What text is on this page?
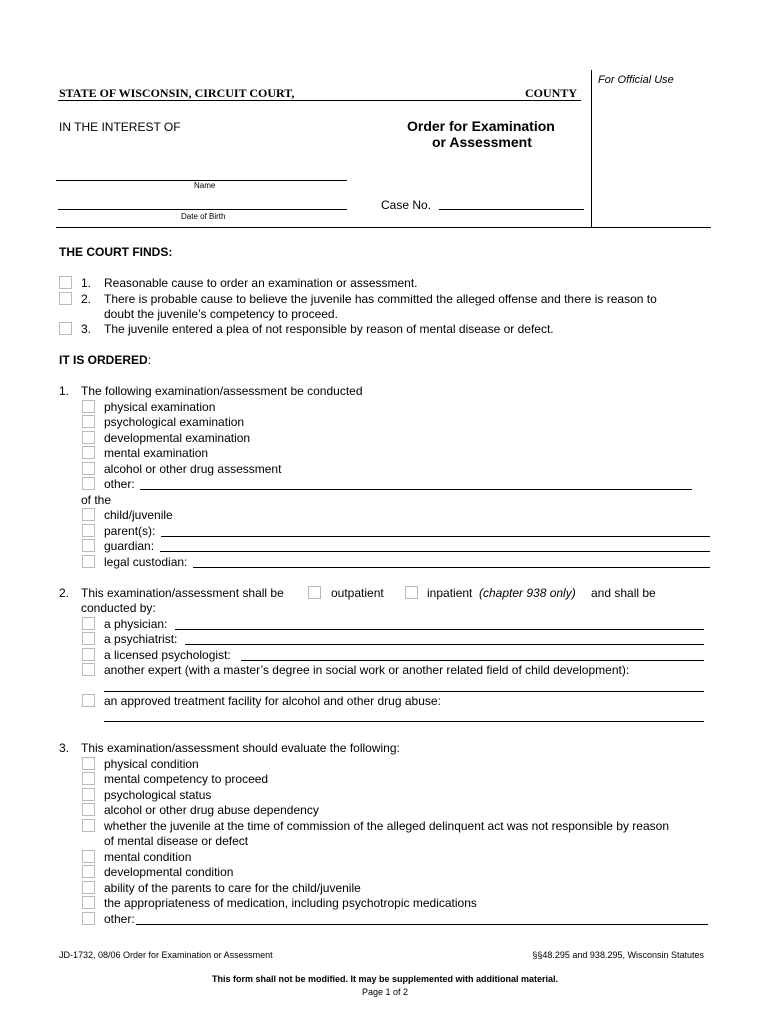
For Official Use
STATE OF WISCONSIN, CIRCUIT COURT,	COUNTY
IN THE INTEREST OF	Order for Examination
or Assessment
Name
Date of Birth
Case No.
THE COURT FINDS:
1. Reasonable cause to order an examination or assessment.
2. There is probable cause to believe the juvenile has committed the alleged offense and there is reason to
doubt the juvenile’s competency to proceed.
3. The juvenile entered a plea of not responsible by reason of mental disease or defect.
IT IS ORDERED:
1. The following examination/assessment be conducted
physical examination
psychological examination
developmental examination
mental examination
alcohol or other drug assessment
other:
of the
child/juvenile
parent(s):
guardian:
legal custodian:
2. This examination/assessment shall be	outpatient	inpatient (chapter 938 only) and shall be
conducted by:
a physician:
a psychiatrist:
a licensed psychologist:
another expert (with a master’s degree in social work or another related field of child development):
an approved treatment facility for alcohol and other drug abuse:
3. This examination/assessment should evaluate the following:
physical condition
mental competency to proceed
psychological status
alcohol or other drug abuse dependency
whether the juvenile at the time of commission of the alleged delinquent act was not responsible by reason
of mental disease or defect
mental condition
developmental condition
ability of the parents to care for the child/juvenile
the appropriateness of medication, including psychotropic medications
other:
JD-1732, 08/06 Order for Examination or Assessment	§§48.295 and 938.295, Wisconsin Statutes
This form shall not be modified. It may be supplemented with additional material.
Page 1 of 2
